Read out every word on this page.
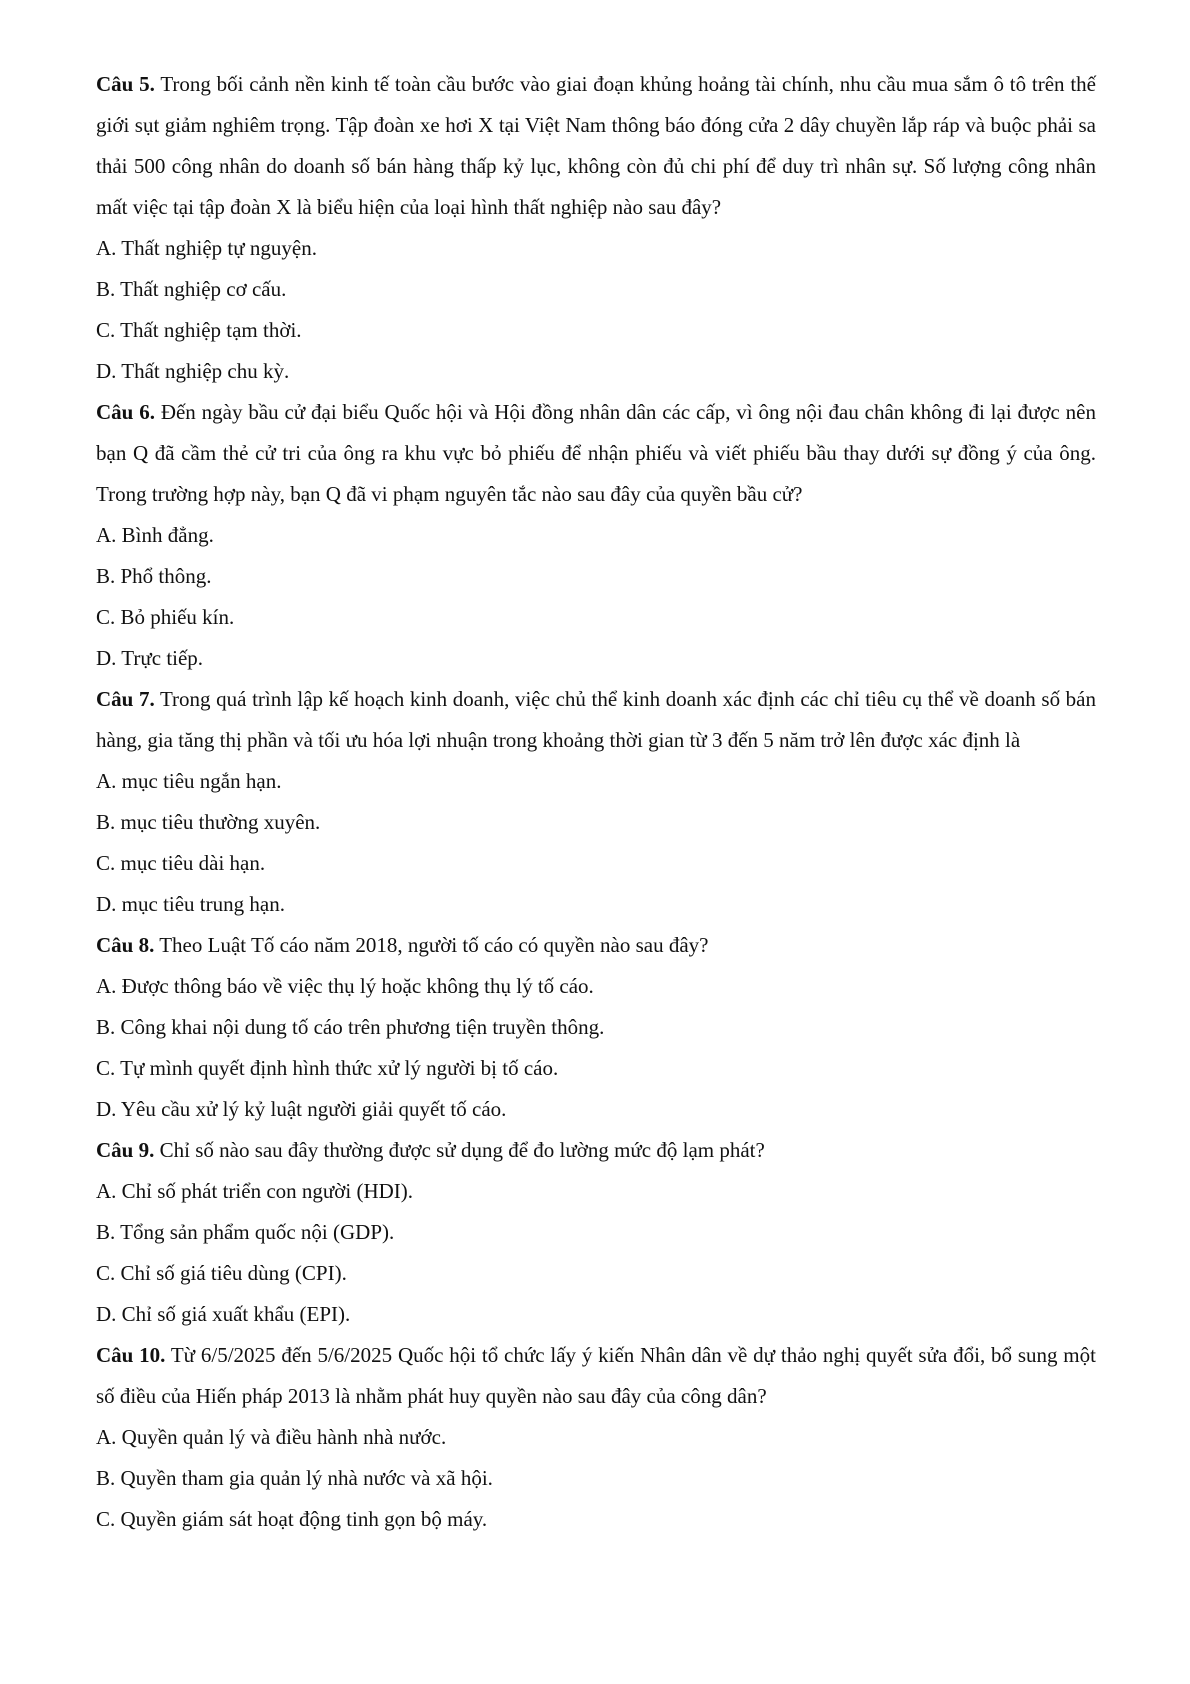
Câu 5. Trong bối cảnh nền kinh tế toàn cầu bước vào giai đoạn khủng hoảng tài chính, nhu cầu mua sắm ô tô trên thế giới sụt giảm nghiêm trọng. Tập đoàn xe hơi X tại Việt Nam thông báo đóng cửa 2 dây chuyền lắp ráp và buộc phải sa thải 500 công nhân do doanh số bán hàng thấp kỷ lục, không còn đủ chi phí để duy trì nhân sự. Số lượng công nhân mất việc tại tập đoàn X là biểu hiện của loại hình thất nghiệp nào sau đây?

A. Thất nghiệp tự nguyện.

B. Thất nghiệp cơ cấu.

C. Thất nghiệp tạm thời.

D. Thất nghiệp chu kỳ.

Câu 6. Đến ngày bầu cử đại biểu Quốc hội và Hội đồng nhân dân các cấp, vì ông nội đau chân không đi lại được nên bạn Q đã cầm thẻ cử tri của ông ra khu vực bỏ phiếu để nhận phiếu và viết phiếu bầu thay dưới sự đồng ý của ông. Trong trường hợp này, bạn Q đã vi phạm nguyên tắc nào sau đây của quyền bầu cử?

A. Bình đẳng.

B. Phổ thông.

C. Bỏ phiếu kín.

D. Trực tiếp.

Câu 7. Trong quá trình lập kế hoạch kinh doanh, việc chủ thể kinh doanh xác định các chỉ tiêu cụ thể về doanh số bán hàng, gia tăng thị phần và tối ưu hóa lợi nhuận trong khoảng thời gian từ 3 đến 5 năm trở lên được xác định là

A. mục tiêu ngắn hạn.

B. mục tiêu thường xuyên.

C. mục tiêu dài hạn.

D. mục tiêu trung hạn.

Câu 8. Theo Luật Tố cáo năm 2018, người tố cáo có quyền nào sau đây?

A. Được thông báo về việc thụ lý hoặc không thụ lý tố cáo.

B. Công khai nội dung tố cáo trên phương tiện truyền thông.

C. Tự mình quyết định hình thức xử lý người bị tố cáo.

D. Yêu cầu xử lý kỷ luật người giải quyết tố cáo.

Câu 9. Chỉ số nào sau đây thường được sử dụng để đo lường mức độ lạm phát?

A. Chỉ số phát triển con người (HDI).

B. Tổng sản phẩm quốc nội (GDP).

C. Chỉ số giá tiêu dùng (CPI).

D. Chỉ số giá xuất khẩu (EPI).

Câu 10. Từ 6/5/2025 đến 5/6/2025 Quốc hội tổ chức lấy ý kiến Nhân dân về dự thảo nghị quyết sửa đổi, bổ sung một số điều của Hiến pháp 2013 là nhằm phát huy quyền nào sau đây của công dân?

A. Quyền quản lý và điều hành nhà nước.

B. Quyền tham gia quản lý nhà nước và xã hội.

C. Quyền giám sát hoạt động tinh gọn bộ máy.
